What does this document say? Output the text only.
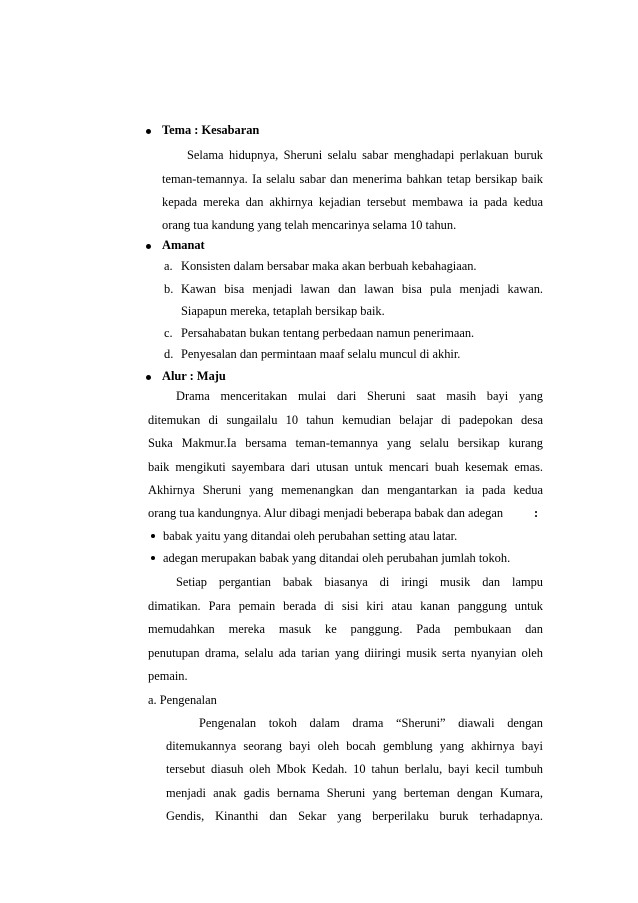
Tema : Kesabaran
Selama hidupnya, Sheruni selalu sabar menghadapi perlakuan buruk
teman-temannya. Ia selalu sabar dan menerima bahkan tetap bersikap baik
kepada mereka dan akhirnya kejadian tersebut membawa ia pada kedua
orang tua kandung yang telah mencarinya selama 10 tahun.
Amanat
a. Konsisten dalam bersabar maka akan berbuah kebahagiaan.
b. Kawan bisa menjadi lawan dan lawan bisa pula menjadi kawan.
Siapapun mereka, tetaplah bersikap baik.
c. Persahabatan bukan tentang perbedaan namun penerimaan.
d. Penyesalan dan permintaan maaf selalu muncul di akhir.
Alur : Maju
Drama menceritakan mulai dari Sheruni saat masih bayi yang
ditemukan di sungailalu 10 tahun kemudian belajar di padepokan desa
Suka Makmur.Ia bersama teman-temannya yang selalu bersikap kurang
baik mengikuti sayembara dari utusan untuk mencari buah kesemak emas.
Akhirnya Sheruni yang memenangkan dan mengantarkan ia pada kedua
orang tua kandungnya. Alur dibagi menjadi beberapa babak dan adegan :
babak yaitu yang ditandai oleh perubahan setting atau latar.
adegan merupakan babak yang ditandai oleh perubahan jumlah tokoh.
Setiap pergantian babak biasanya di iringi musik dan lampu
dimatikan. Para pemain berada di sisi kiri atau kanan panggung untuk
memudahkan mereka masuk ke panggung. Pada pembukaan dan
penutupan drama, selalu ada tarian yang diiringi musik serta nyanyian oleh
pemain.
a. Pengenalan
Pengenalan tokoh dalam drama “Sheruni” diawali dengan
ditemukannya seorang bayi oleh bocah gemblung yang akhirnya bayi
tersebut diasuh oleh Mbok Kedah. 10 tahun berlalu, bayi kecil tumbuh
menjadi anak gadis bernama Sheruni yang berteman dengan Kumara,
Gendis, Kinanthi dan Sekar yang berperilaku buruk terhadapnya.
